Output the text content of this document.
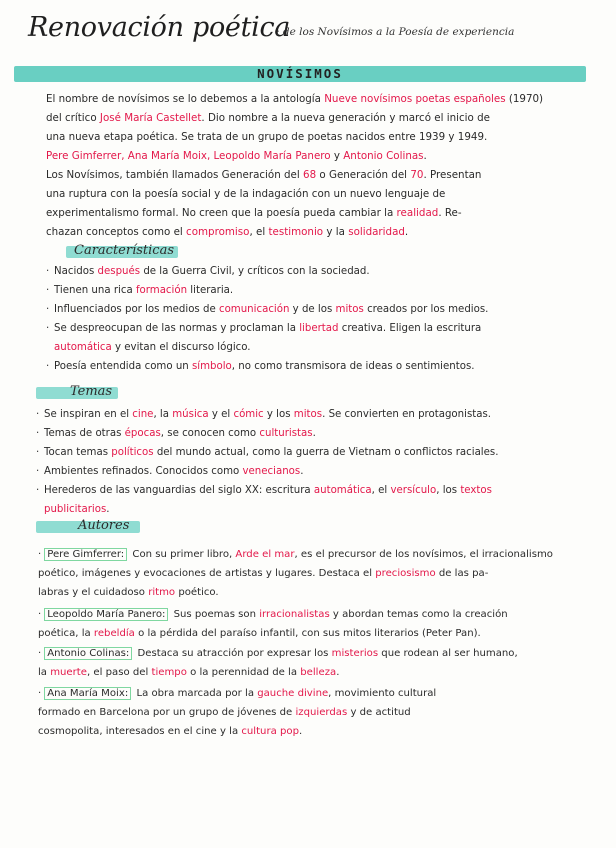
Renovación poética
: de los Novísimos a la Poesía de experiencia
NOVÍSIMOS
El nombre de novísimos se lo debemos a la antología Nueve novísimos poetas españoles (1970)
del crítico José María Castellet. Dio nombre a la nueva generación y marcó el inicio de
una nueva etapa poética. Se trata de un grupo de poetas nacidos entre 1939 y 1949.
Pere Gimferrer, Ana María Moix, Leopoldo María Panero y Antonio Colinas.
Los Novísimos, también llamados Generación del 68 o Generación del 70. Presentan
una ruptura con la poesía social y de la indagación con un nuevo lenguaje de
experimentalismo formal. No creen que la poesía pueda cambiar la realidad. Re-
chazan conceptos como el compromiso, el testimonio y la solidaridad.
Características
· Nacidos después de la Guerra Civil, y críticos con la sociedad.
· Tienen una rica formación literaria.
· Influenciados por los medios de comunicación y de los mitos creados por los medios.
· Se despreocupan de las normas y proclaman la libertad creativa. Eligen la escritura
automática y evitan el discurso lógico.
· Poesía entendida como un símbolo, no como transmisora de ideas o sentimientos.
Temas
· Se inspiran en el cine, la música y el cómic y los mitos. Se convierten en protagonistas.
· Temas de otras épocas, se conocen como culturistas.
· Tocan temas políticos del mundo actual, como la guerra de Vietnam o conflictos raciales.
· Ambientes refinados. Conocidos como venecianos.
· Herederos de las vanguardias del siglo XX: escritura automática, el versículo, los textos
publicitarios.
Autores
· Pere Gimferrer: Con su primer libro, Arde el mar, es el precursor de los novísimos, el irracionalismo
poético, imágenes y evocaciones de artistas y lugares. Destaca el preciosismo de las pa-
labras y el cuidadoso ritmo poético.
· Leopoldo María Panero: Sus poemas son irracionalistas y abordan temas como la creación
poética, la rebeldía o la pérdida del paraíso infantil, con sus mitos literarios (Peter Pan).
· Antonio Colinas: Destaca su atracción por expresar los misterios que rodean al ser humano,
la muerte, el paso del tiempo o la perennidad de la belleza.
· Ana María Moix: La obra marcada por la gauche divine, movimiento cultural
formado en Barcelona por un grupo de jóvenes de izquierdas y de actitud
cosmopolita, interesados en el cine y la cultura pop.
